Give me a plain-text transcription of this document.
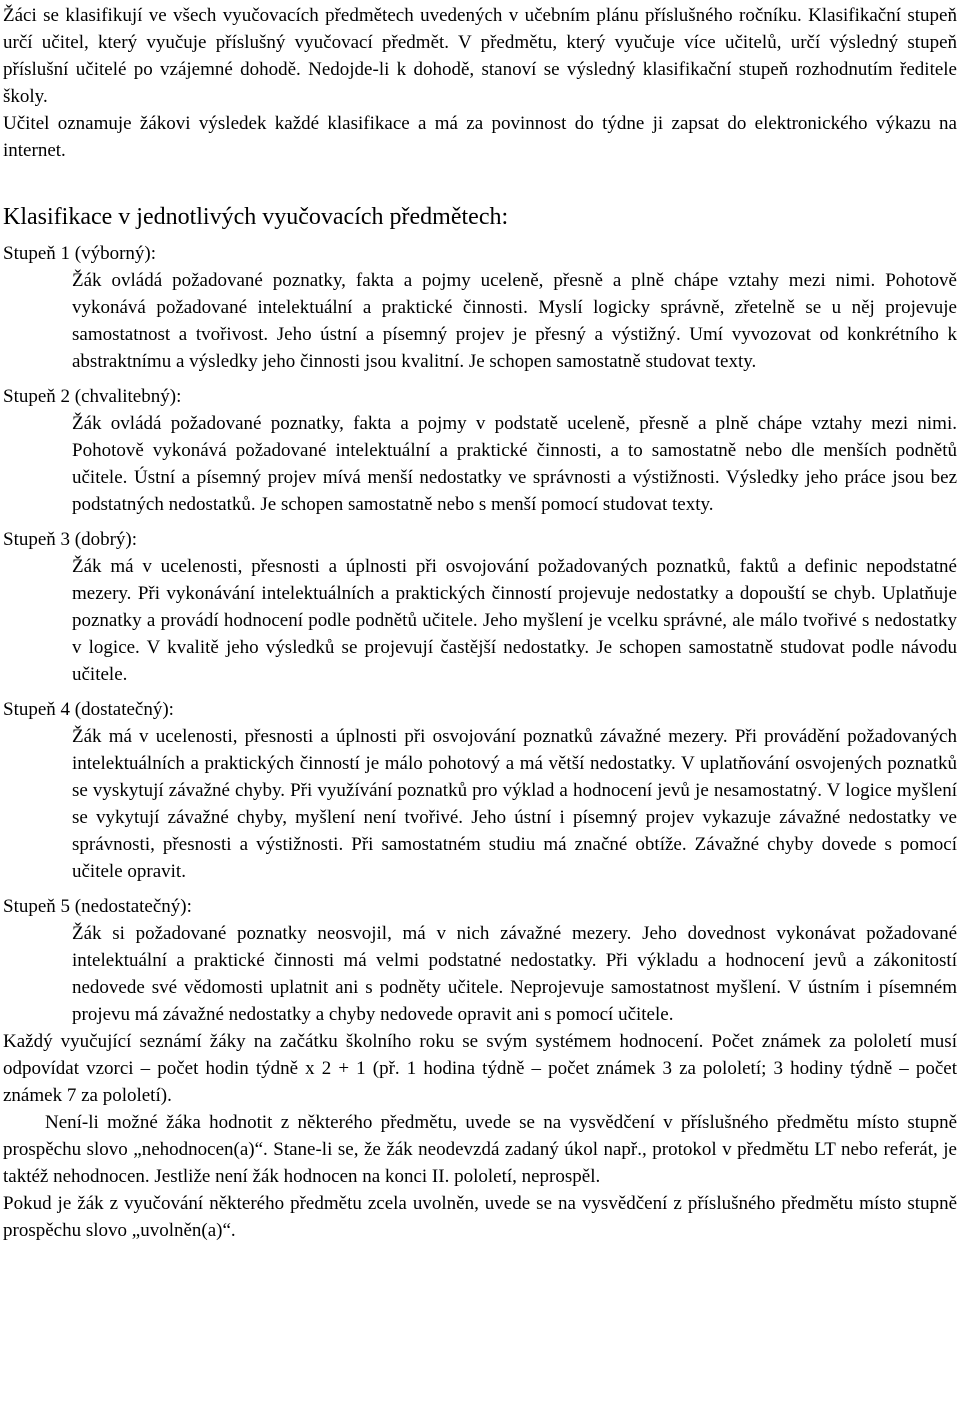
Žáci se klasifikují ve všech vyučovacích předmětech uvedených v učebním plánu příslušného ročníku. Klasifikační stupeň určí učitel, který vyučuje příslušný vyučovací předmět. V předmětu, který vyučuje více učitelů, určí výsledný stupeň příslušní učitelé po vzájemné dohodě. Nedojde-li k dohodě, stanoví se výsledný klasifikační stupeň rozhodnutím ředitele školy.

Učitel oznamuje žákovi výsledek každé klasifikace a má za povinnost do týdne ji zapsat do elektronického výkazu na internet.

Klasifikace v jednotlivých vyučovacích předmětech:

Stupeň 1 (výborný):

Žák ovládá požadované poznatky, fakta a pojmy uceleně, přesně a plně chápe vztahy mezi nimi. Pohotově vykonává požadované intelektuální a praktické činnosti. Myslí logicky správně, zřetelně se u něj projevuje samostatnost a tvořivost. Jeho ústní a písemný projev je přesný a výstižný. Umí vyvozovat od konkrétního k abstraktnímu a výsledky jeho činnosti jsou kvalitní. Je schopen samostatně studovat texty.

Stupeň 2 (chvalitebný):

Žák ovládá požadované poznatky, fakta a pojmy v podstatě uceleně, přesně a plně chápe vztahy mezi nimi. Pohotově vykonává požadované intelektuální a praktické činnosti, a to samostatně nebo dle menších podnětů učitele. Ústní a písemný projev mívá menší nedostatky ve správnosti a výstižnosti. Výsledky jeho práce jsou bez podstatných nedostatků. Je schopen samostatně nebo s menší pomocí studovat texty.

Stupeň 3 (dobrý):

Žák má v ucelenosti, přesnosti a úplnosti při osvojování požadovaných poznatků, faktů a definic nepodstatné mezery. Při vykonávání intelektuálních a praktických činností projevuje nedostatky a dopouští se chyb. Uplatňuje poznatky a provádí hodnocení podle podnětů učitele. Jeho myšlení je vcelku správné, ale málo tvořivé s nedostatky v logice. V kvalitě jeho výsledků se projevují častější nedostatky. Je schopen samostatně studovat podle návodu učitele.

Stupeň 4 (dostatečný):

Žák má v ucelenosti, přesnosti a úplnosti při osvojování poznatků závažné mezery. Při provádění požadovaných intelektuálních a praktických činností je málo pohotový a má větší nedostatky. V uplatňování osvojených poznatků se vyskytují závažné chyby. Při využívání poznatků pro výklad a hodnocení jevů je nesamostatný. V logice myšlení se vykytují závažné chyby, myšlení není tvořivé. Jeho ústní i písemný projev vykazuje závažné nedostatky ve správnosti, přesnosti a výstižnosti. Při samostatném studiu má značné obtíže. Závažné chyby dovede s pomocí učitele opravit.

Stupeň 5 (nedostatečný):

Žák si požadované poznatky neosvojil, má v nich závažné mezery. Jeho dovednost vykonávat požadované intelektuální a praktické činnosti má velmi podstatné nedostatky. Při výkladu a hodnocení jevů a zákonitostí nedovede své vědomosti uplatnit ani s podněty učitele. Neprojevuje samostatnost myšlení. V ústním i písemném projevu má závažné nedostatky a chyby nedovede opravit ani s pomocí učitele.

Každý vyučující seznámí žáky na začátku školního roku se svým systémem hodnocení. Počet známek za pololetí musí odpovídat vzorci – počet hodin týdně x 2 + 1 (př. 1 hodina týdně – počet známek 3 za pololetí; 3 hodiny týdně – počet známek 7 za pololetí).

Není-li možné žáka hodnotit z některého předmětu, uvede se na vysvědčení v příslušného předmětu místo stupně prospěchu slovo „nehodnocen(a)“. Stane-li se, že žák neodevzdá zadaný úkol např., protokol v předmětu LT nebo referát, je taktéž nehodnocen. Jestliže není žák hodnocen na konci II. pololetí, neprospěl.

Pokud je žák z vyučování některého předmětu zcela uvolněn, uvede se na vysvědčení z příslušného předmětu místo stupně prospěchu slovo „uvolněn(a)“.
